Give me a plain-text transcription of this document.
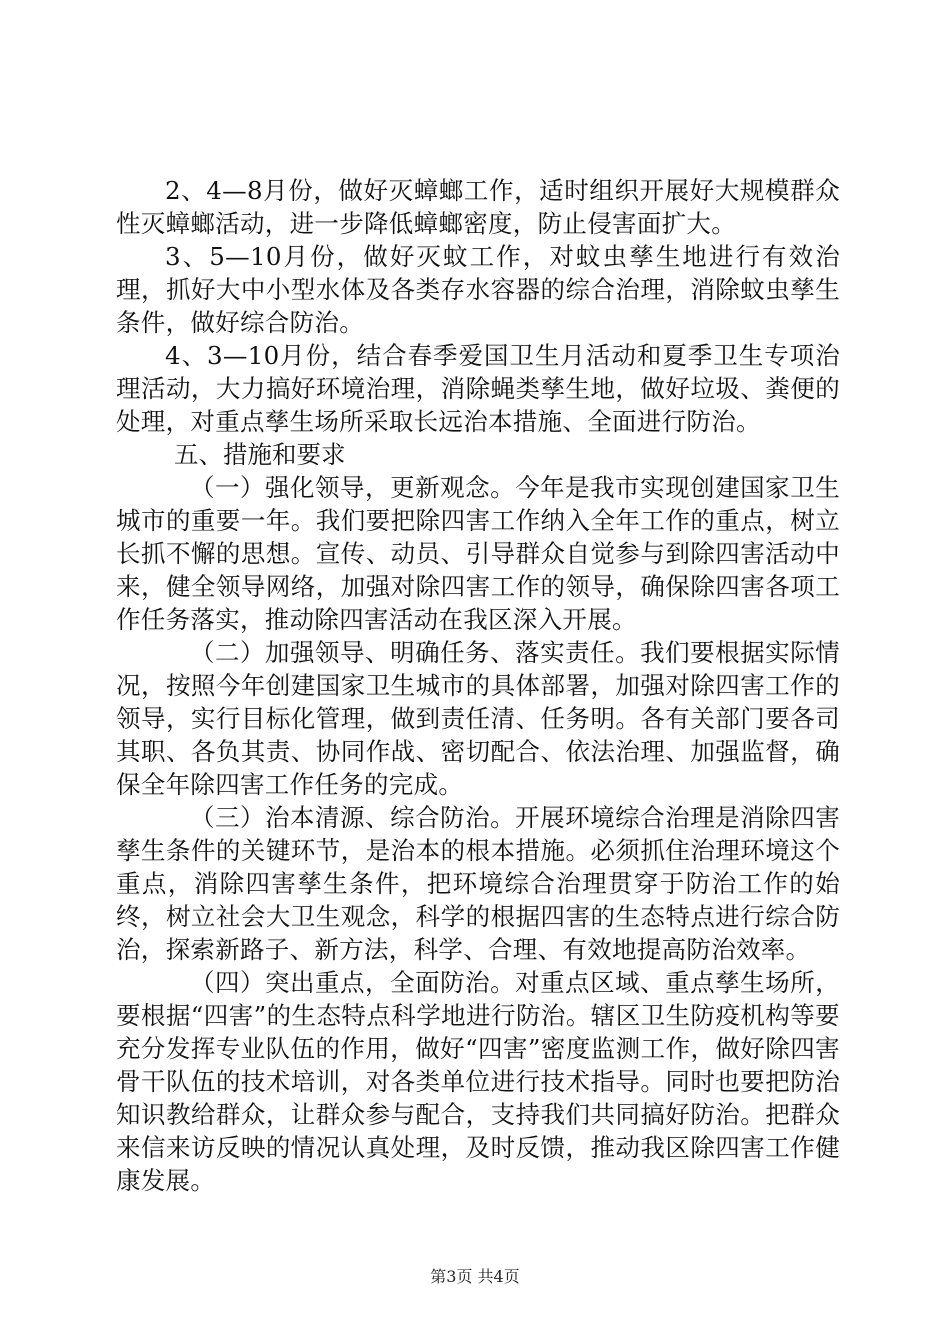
2、4—8月份，做好灭蟑螂工作，适时组织开展好大规模群众性灭蟑螂活动，进一步降低蟑螂密度，防止侵害面扩大。

3、5—10月份，做好灭蚊工作，对蚊虫孳生地进行有效治理，抓好大中小型水体及各类存水容器的综合治理，消除蚊虫孳生条件，做好综合防治。

4、3—10月份，结合春季爱国卫生月活动和夏季卫生专项治理活动，大力搞好环境治理，消除蝇类孳生地，做好垃圾、粪便的处理，对重点孳生场所采取长远治本措施、全面进行防治。

五、措施和要求

（一）强化领导，更新观念。今年是我市实现创建国家卫生城市的重要一年。我们要把除四害工作纳入全年工作的重点，树立长抓不懈的思想。宣传、动员、引导群众自觉参与到除四害活动中来，健全领导网络，加强对除四害工作的领导，确保除四害各项工作任务落实，推动除四害活动在我区深入开展。

（二）加强领导、明确任务、落实责任。我们要根据实际情况，按照今年创建国家卫生城市的具体部署，加强对除四害工作的领导，实行目标化管理，做到责任清、任务明。各有关部门要各司其职、各负其责、协同作战、密切配合、依法治理、加强监督，确保全年除四害工作任务的完成。

（三）治本清源、综合防治。开展环境综合治理是消除四害孳生条件的关键环节，是治本的根本措施。必须抓住治理环境这个重点，消除四害孳生条件，把环境综合治理贯穿于防治工作的始终，树立社会大卫生观念，科学的根据四害的生态特点进行综合防治，探索新路子、新方法，科学、合理、有效地提高防治效率。

（四）突出重点，全面防治。对重点区域、重点孳生场所，要根据“四害”的生态特点科学地进行防治。辖区卫生防疫机构等要充分发挥专业队伍的作用，做好“四害”密度监测工作，做好除四害骨干队伍的技术培训，对各类单位进行技术指导。同时也要把防治知识教给群众，让群众参与配合，支持我们共同搞好防治。把群众来信来访反映的情况认真处理，及时反馈，推动我区除四害工作健康发展。

第3页 共4页
